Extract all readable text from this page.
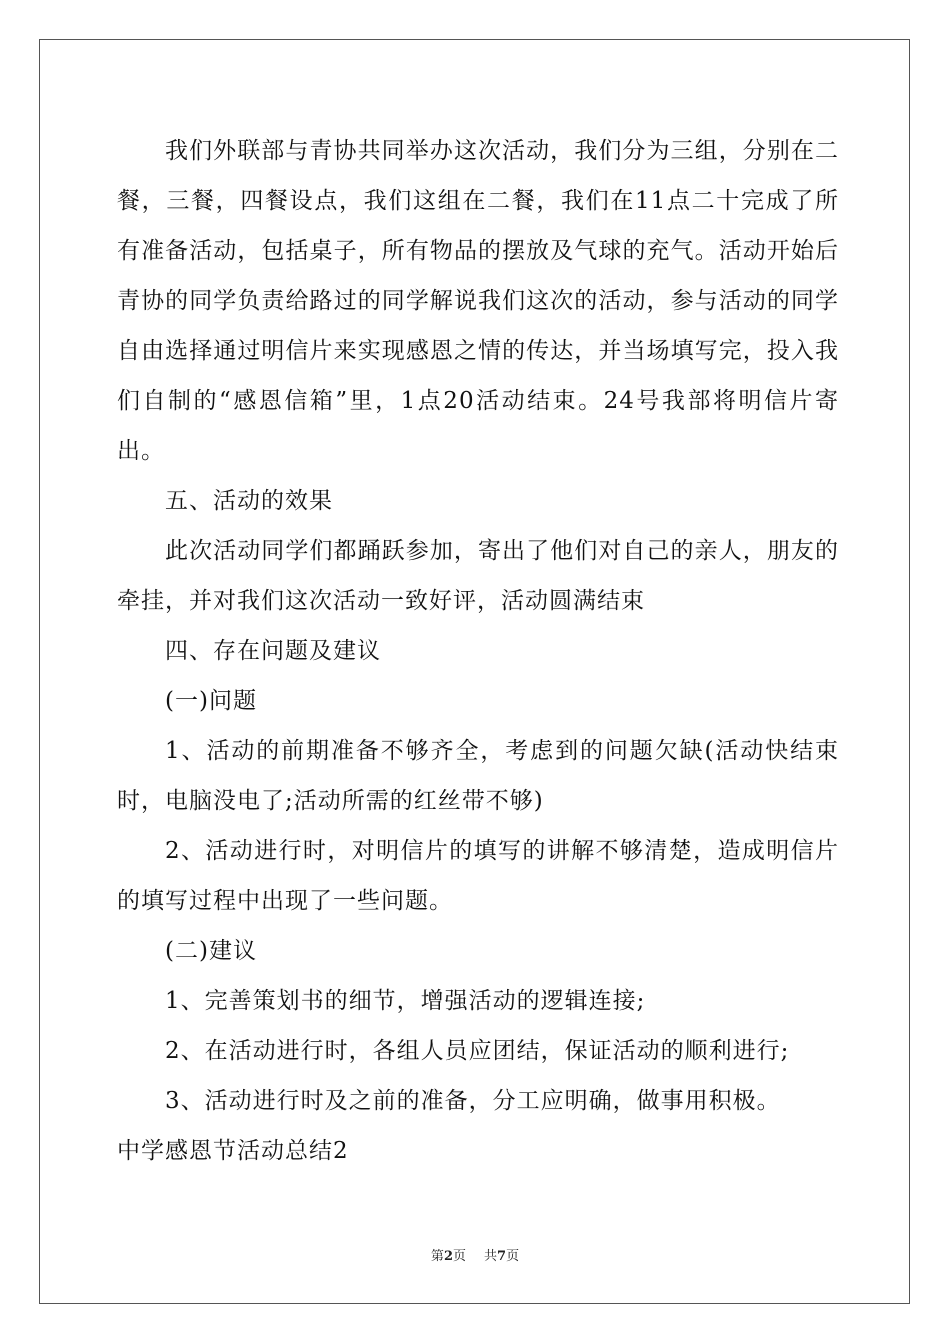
我们外联部与青协共同举办这次活动，我们分为三组，分别在二餐，三餐，四餐设点，我们这组在二餐，我们在11点二十完成了所有准备活动，包括桌子，所有物品的摆放及气球的充气。活动开始后青协的同学负责给路过的同学解说我们这次的活动，参与活动的同学自由选择通过明信片来实现感恩之情的传达，并当场填写完，投入我们自制的“感恩信箱”里，1点20活动结束。24号我部将明信片寄出。

五、活动的效果

此次活动同学们都踊跃参加，寄出了他们对自己的亲人，朋友的牵挂，并对我们这次活动一致好评，活动圆满结束

四、存在问题及建议

(一)问题

1、活动的前期准备不够齐全，考虑到的问题欠缺(活动快结束时，电脑没电了;活动所需的红丝带不够)

2、活动进行时，对明信片的填写的讲解不够清楚，造成明信片的填写过程中出现了一些问题。

(二)建议

1、完善策划书的细节，增强活动的逻辑连接;

2、在活动进行时，各组人员应团结，保证活动的顺利进行;

3、活动进行时及之前的准备，分工应明确，做事用积极。

中学感恩节活动总结2

第2页 共7页
